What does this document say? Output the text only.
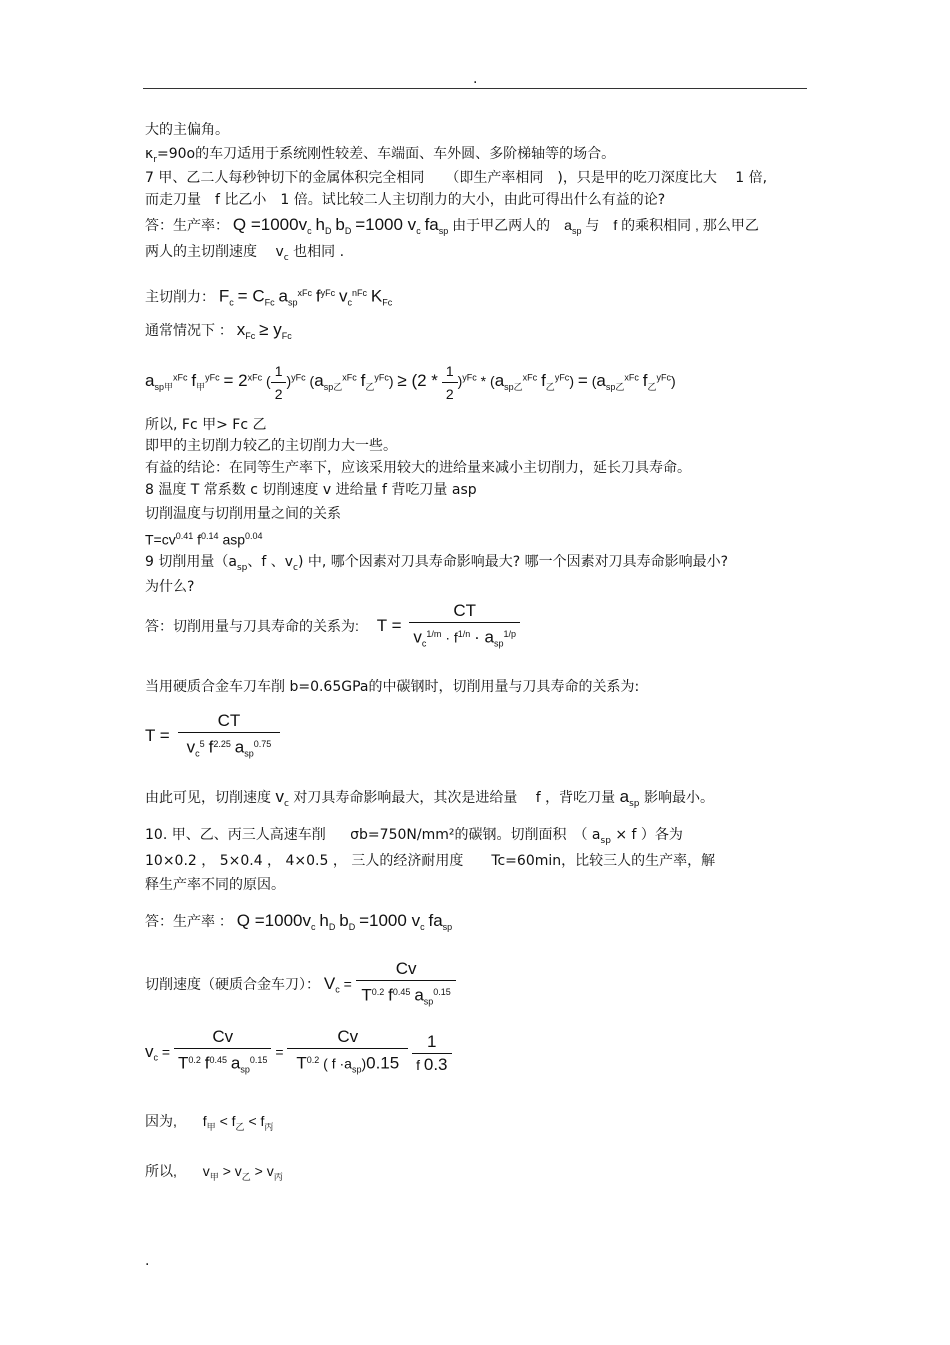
.
大的主偏角。
$\kappa_r=90o$的车刀适用于系统刚性较差、车端面、车外圆、多阶梯轴等的场合。
7 甲、乙二人每秒钟切下的金属体积完全相同　　（即生产率相同　)，只是甲的吃刀深度比大　 1 倍,
而走刀量　f 比乙小　1 倍。试比较二人主切削力的大小，由此可得出什么有益的论?
答：生产率： $Q =1000v_c$ $h_D$ $b_D =1000$ $v_c$ $fa_{sp}$ 由于甲乙两人的　$a_{sp}$ 与　f 的乘积相同 , 那么甲乙
两人的主切削速度　 $v_c$ 也相同 .
主切削力： $F_c = C_{Fc}$ $a_{sp}^{xFc}$ $f^{yFc}$ $v_c^{nFc}$ $K_{Fc}$
通常情况下 ： $x_{Fc} \ge y_{Fc}$
$a_{sp甲}^{xFc}$ $f_甲^{yFc} = 2^{xFc}$ ( $\frac{1}{2} )^{yFc}$ ($a_{sp乙}^{xFc}$ $f_乙^{yFc}) \ge (2 * \frac{1}{2} )^{yFc} * (a_{sp乙}^{xFc}$ $f_乙^{yFc}) = (a_{sp乙}^{xFc}$ $f_乙^{yFc}$)
所以, Fc 甲> Fc 乙
即甲的主切削力较乙的主切削力大一些。
有益的结论：在同等生产率下，应该采用较大的进给量来减小主切削力，延长刀具寿命。
8 温度 T 常系数 c 切削速度 v 进给量 f 背吃刀量 asp
切削温度与切削用量之间的关系
$T=cv^{0.41}$ $f^{0.14}$ asp$^{0.04}$
9 切削用量（$a_{sp}$、f 、$v_c$) 中, 哪个因素对刀具寿命影响最大? 哪一个因素对刀具寿命影响最小?
为什么?
答：切削用量与刀具寿命的关系为: $T = \frac{CT}{v_c^{1/m} \cdot f^{1/n} \cdot a_{sp}^{1/p}}$
当用硬质合金车刀车削 b=0.65GPa的中碳钢时，切削用量与刀具寿命的关系为:
$T = \frac{CT}{v_c^5 f^{2.25} a_{sp}^{0.75}}$
由此可见，切削速度 $v_c$ 对刀具寿命影响最大，其次是进给量　 f ，背吃刀量 $a_{sp}$ 影响最小。
10. 甲、乙、丙三人高速车削 σb=750N/mm²的碳钢。切削面积　（ $a_{sp} \times f$ ）各为
10×0.2 ， 5×0.4 ， 4×0.5 ， 三人的经济耐用度　　Tc=60min，比较三人的生产率，解
释生产率不同的原因。
答：生产率 ： $Q =1000v_c$ $h_D$ $b_D =1000$ $v_c$ $fa_{sp}$
切削速度（硬质合金车刀）： $V_c = \frac{Cv}{T^{0.2} f^{0.45} a_{sp}^{0.15}}$
$v_c = \frac{Cv}{T^{0.2} f^{0.45} a_{sp}^{0.15}} = \frac{Cv}{T^{0.2} ( f \cdot a_{sp})0.15}$
$\frac{1}{f 0.3}$
因为, $f_甲 < f_乙 < f_丙$
所以, $v_甲 > v_乙 > v_丙$
.
